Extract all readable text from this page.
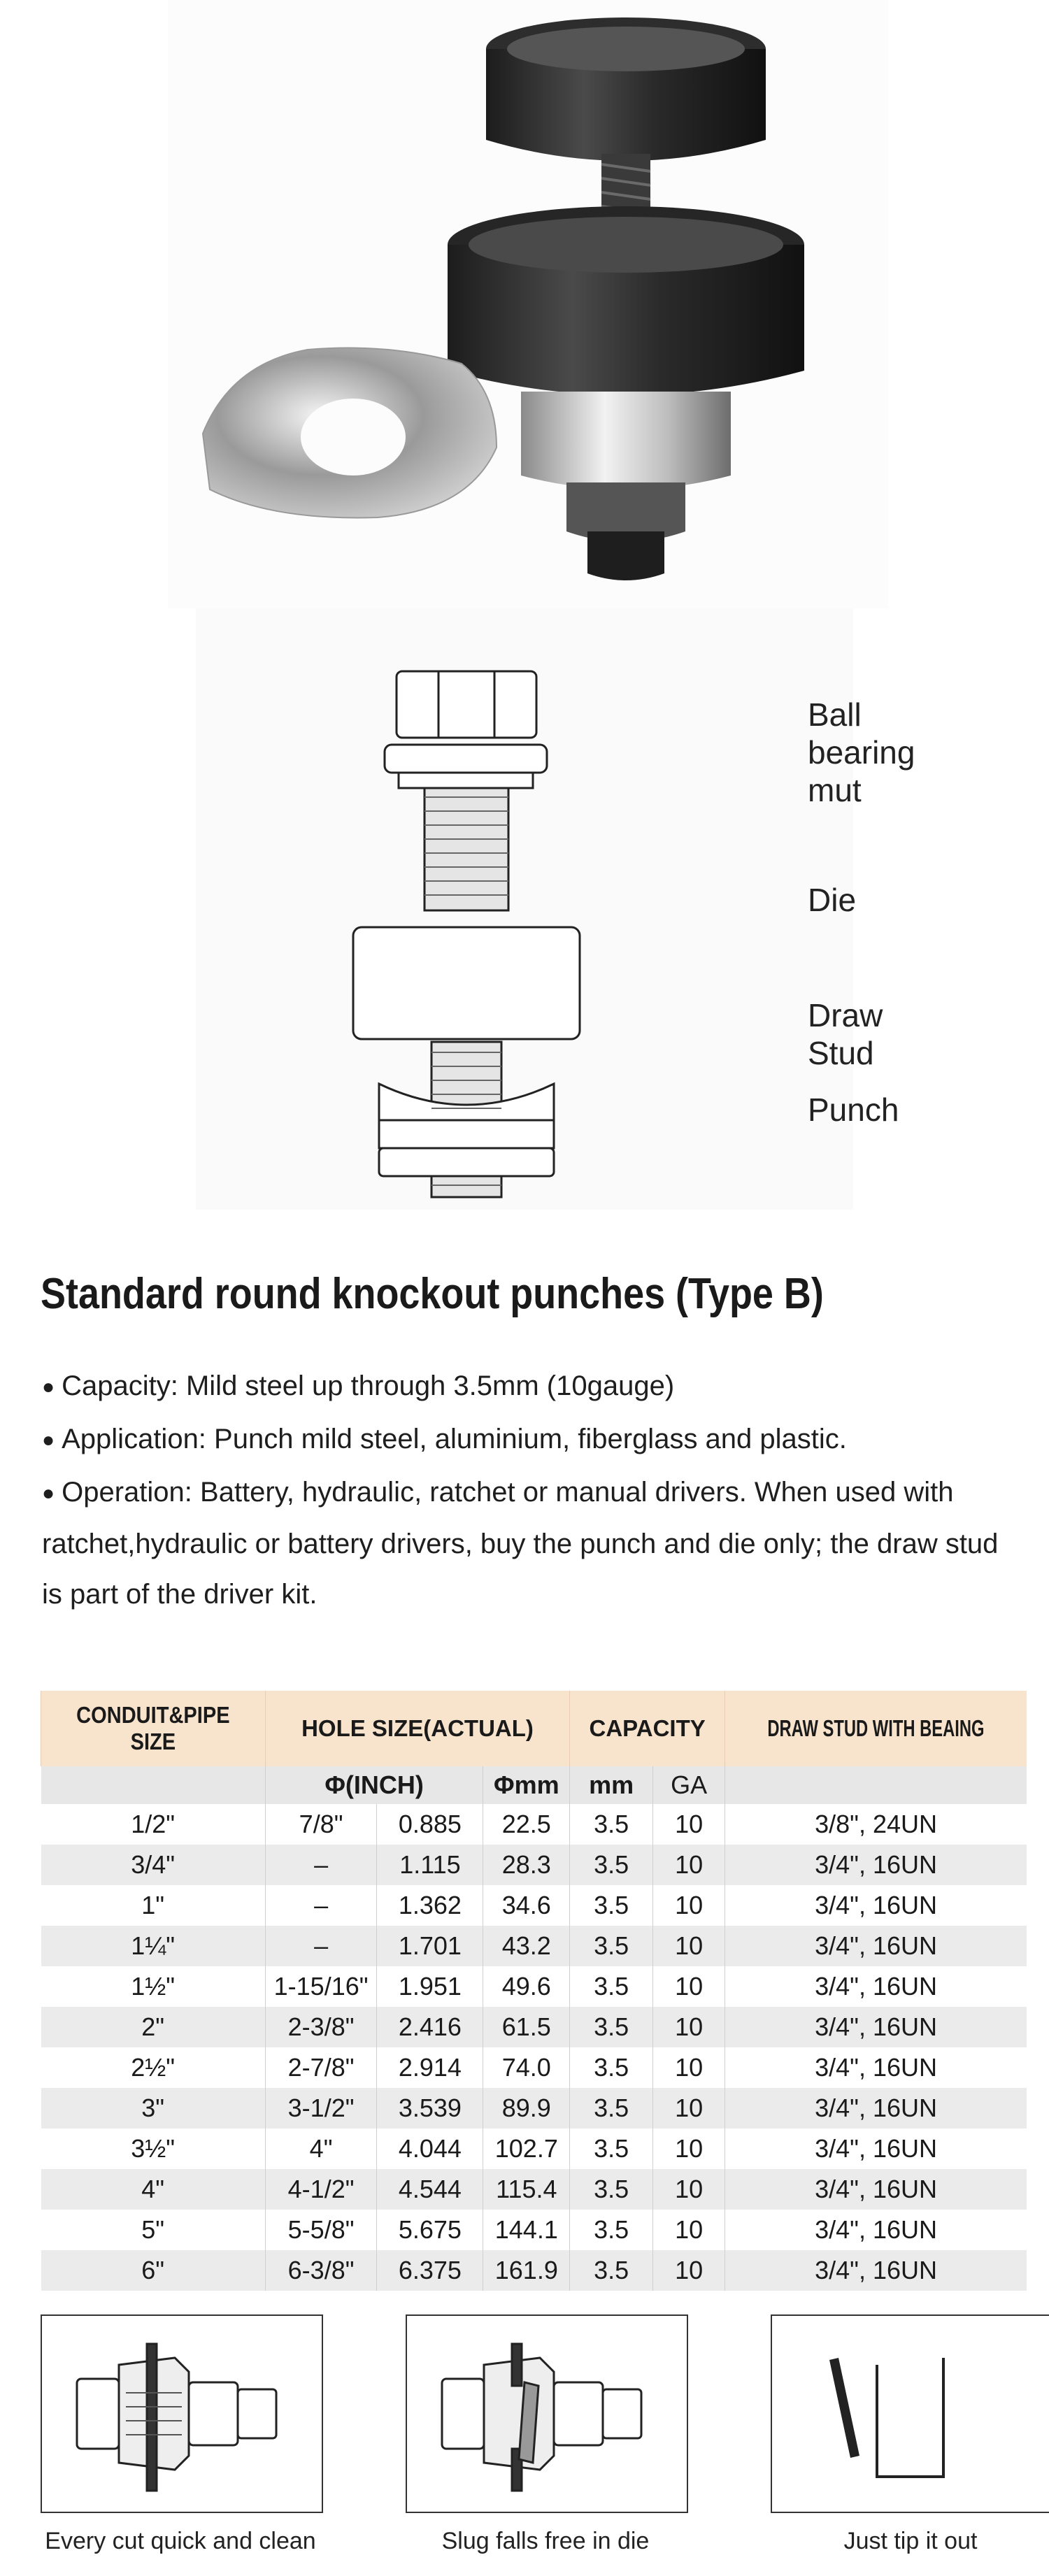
Ball bearing mut
Die
Draw Stud
Punch
Standard round knockout punches (Type B)
● Capacity: Mild steel up through 3.5mm (10gauge)
● Application: Punch mild steel, aluminium, fiberglass and plastic.
● Operation: Battery, hydraulic, ratchet or manual drivers. When used with ratchet,hydraulic or battery drivers, buy the punch and die only; the draw stud is part of the driver kit.
CONDUIT&PIPE SIZE	HOLE SIZE(ACTUAL)			CAPACITY		DRAW STUD WITH BEAING
	Φ(INCH)		Φmm	mm	GA	
1/2"	7/8"	0.885	22.5	3.5	10	3/8", 24UN
3/4"	–	1.115	28.3	3.5	10	3/4", 16UN
1"	–	1.362	34.6	3.5	10	3/4", 16UN
1¼"	–	1.701	43.2	3.5	10	3/4", 16UN
1½"	1-15/16"	1.951	49.6	3.5	10	3/4", 16UN
2"	2-3/8"	2.416	61.5	3.5	10	3/4", 16UN
2½"	2-7/8"	2.914	74.0	3.5	10	3/4", 16UN
3"	3-1/2"	3.539	89.9	3.5	10	3/4", 16UN
3½"	4"	4.044	102.7	3.5	10	3/4", 16UN
4"	4-1/2"	4.544	115.4	3.5	10	3/4", 16UN
5"	5-5/8"	5.675	144.1	3.5	10	3/4", 16UN
6"	6-3/8"	6.375	161.9	3.5	10	3/4", 16UN
Every cut quick and clean	Slug falls free in die	Just tip it out
